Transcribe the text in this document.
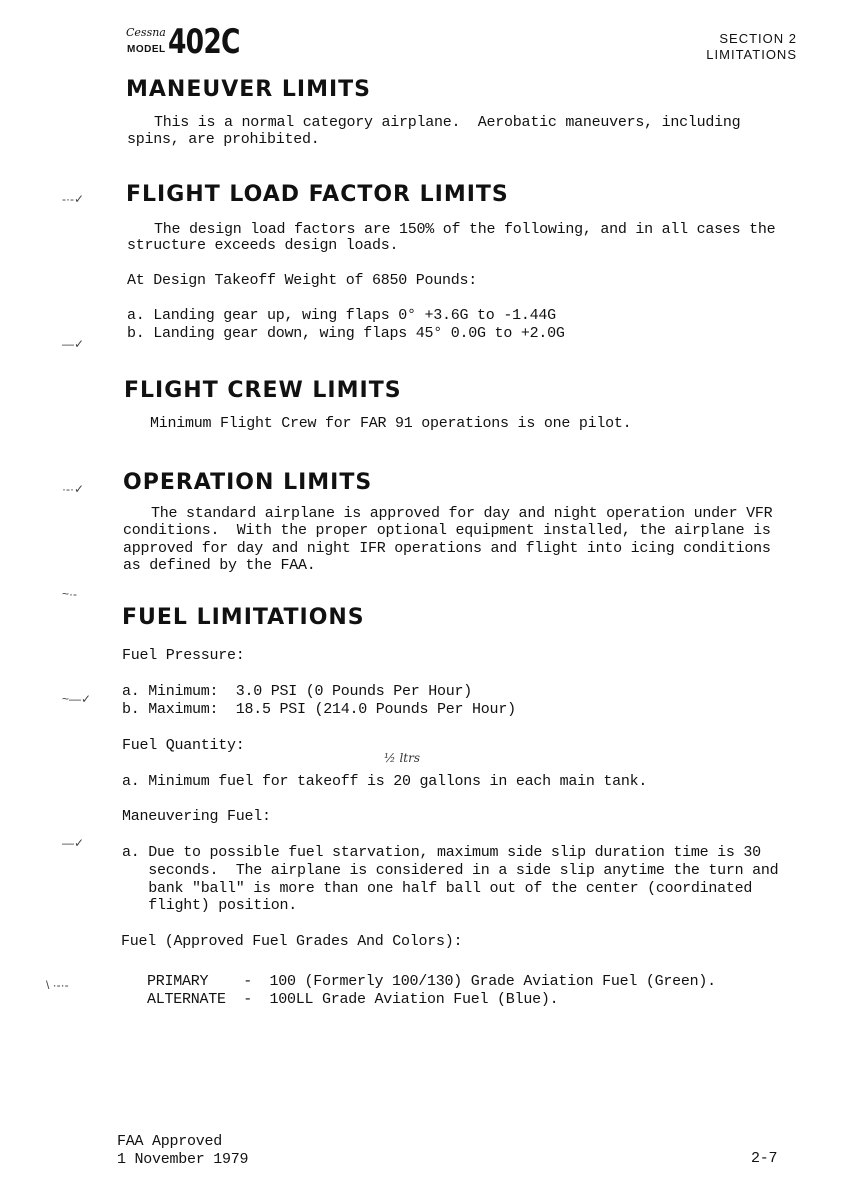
Cessna
MODEL 402C	SECTION 2
LIMITATIONS
MANEUVER LIMITS
This is a normal category airplane.  Aerobatic maneuvers, including
spins, are prohibited.
-·-✓ FLIGHT LOAD FACTOR LIMITS
The design load factors are 150% of the following, and in all cases the
structure exceeds design loads.
At Design Takeoff Weight of 6850 Pounds:
a. Landing gear up, wing flaps 0° +3.6G to -1.44G
b. Landing gear down, wing flaps 45° 0.0G to +2.0G
—✓
FLIGHT CREW LIMITS
Minimum Flight Crew for FAR 91 operations is one pilot.
·-·✓ OPERATION LIMITS
The standard airplane is approved for day and night operation under VFR
conditions.  With the proper optional equipment installed, the airplane is
approved for day and night IFR operations and flight into icing conditions
as defined by the FAA.
~·-
FUEL LIMITATIONS
Fuel Pressure:
~—✓ a. Minimum:  3.0 PSI (0 Pounds Per Hour)
b. Maximum:  18.5 PSI (214.0 Pounds Per Hour)
Fuel Quantity:
½ ltrs
a. Minimum fuel for takeoff is 20 gallons in each main tank.
Maneuvering Fuel:
—✓
a. Due to possible fuel starvation, maximum side slip duration time is 30
seconds.  The airplane is considered in a side slip anytime the turn and
bank "ball" is more than one half ball out of the center (coordinated
flight) position.
Fuel (Approved Fuel Grades And Colors):
\ ·-·-	PRIMARY    -  100 (Formerly 100/130) Grade Aviation Fuel (Green).
ALTERNATE  -  100LL Grade Aviation Fuel (Blue).
FAA Approved
1 November 1979	2-7
